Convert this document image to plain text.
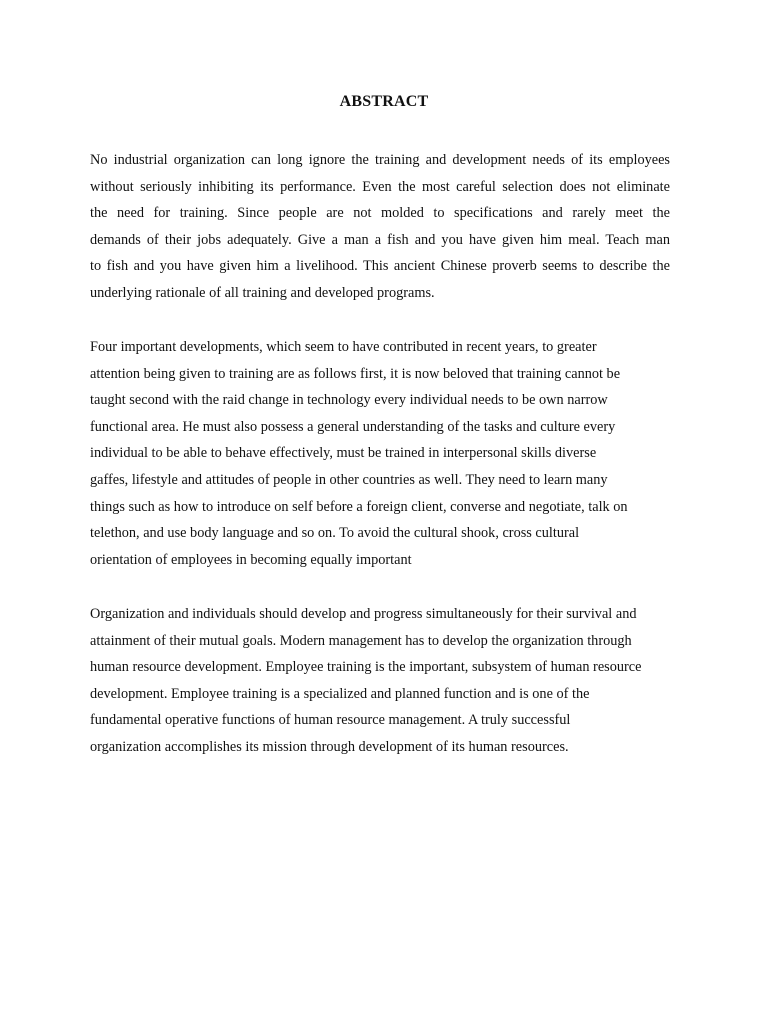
ABSTRACT
No industrial organization can long ignore the training and development needs of its employees
without seriously inhibiting its performance. Even the most careful selection does not eliminate
the need for training. Since people are not molded to specifications and rarely meet the
demands of their jobs adequately. Give a man a fish and you have given him meal. Teach man
to fish and you have given him a livelihood. This ancient Chinese proverb seems to describe the
underlying rationale of all training and developed programs.
Four important developments, which seem to have contributed in recent years, to greater
attention being given to training are as follows first, it is now beloved that training cannot be
taught second with the raid change in technology every individual needs to be own narrow
functional area. He must also possess a general understanding of the tasks and culture every
individual to be able to behave effectively, must be trained in interpersonal skills diverse
gaffes, lifestyle and attitudes of people in other countries as well. They need to learn many
things such as how to introduce on self before a foreign client, converse and negotiate, talk on
telethon, and use body language and so on. To avoid the cultural shook, cross cultural
orientation of employees in becoming equally important
Organization and individuals should develop and progress simultaneously for their survival and
attainment of their mutual goals. Modern management has to develop the organization through
human resource development. Employee training is the important, subsystem of human resource
development. Employee training is a specialized and planned function and is one of the
fundamental operative functions of human resource management. A truly successful
organization accomplishes its mission through development of its human resources.
